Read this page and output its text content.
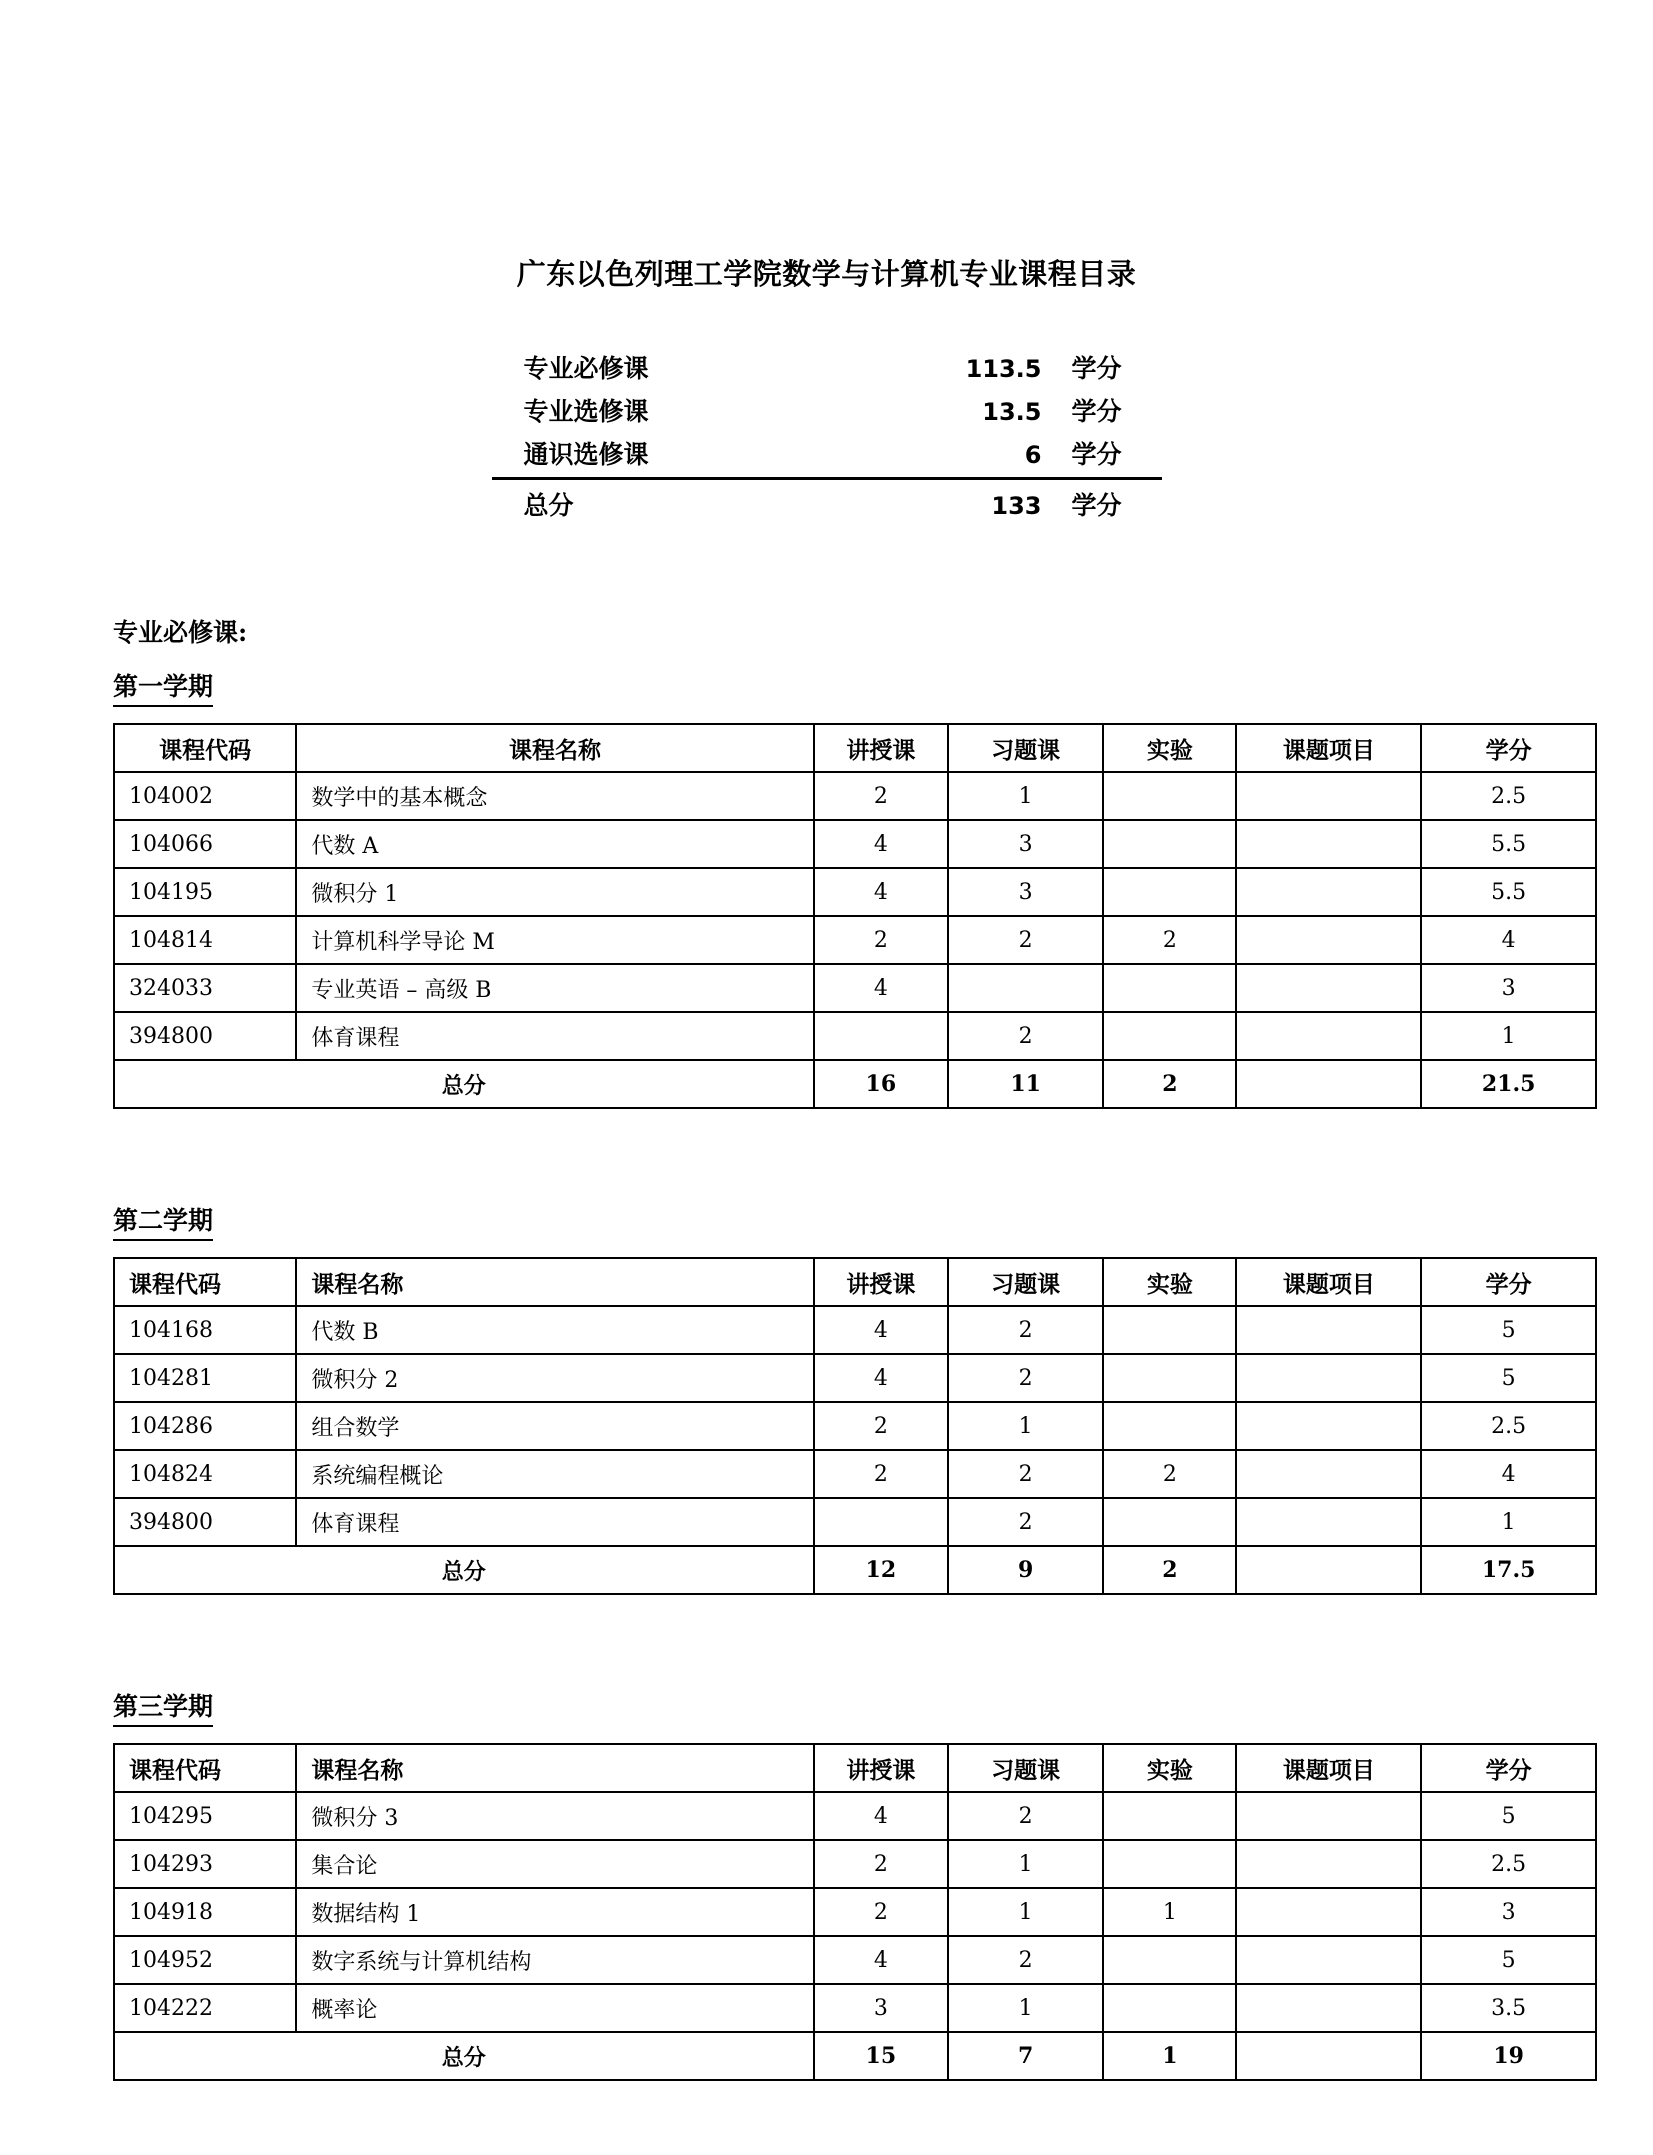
广东以色列理工学院数学与计算机专业课程目录
专业必修课	113.5	学分
专业选修课	13.5	学分
通识选修课	6	学分
总分	133	学分
专业必修课:
第一学期
课程代码	课程名称	讲授课	习题课	实验	课题项目	学分
104002	数学中的基本概念	2	1			2.5
104066	代数 A	4	3			5.5
104195	微积分 1	4	3			5.5
104814	计算机科学导论 M	2	2	2		4
324033	专业英语 – 高级 B	4				3
394800	体育课程		2			1
总分		16	11	2		21.5
第二学期
课程代码	课程名称	讲授课	习题课	实验	课题项目	学分
104168	代数 B	4	2			5
104281	微积分 2	4	2			5
104286	组合数学	2	1			2.5
104824	系统编程概论	2	2	2		4
394800	体育课程		2			1
总分		12	9	2		17.5
第三学期
课程代码	课程名称	讲授课	习题课	实验	课题项目	学分
104295	微积分 3	4	2			5
104293	集合论	2	1			2.5
104918	数据结构 1	2	1	1		3
104952	数字系统与计算机结构	4	2			5
104222	概率论	3	1			3.5
总分		15	7	1		19
